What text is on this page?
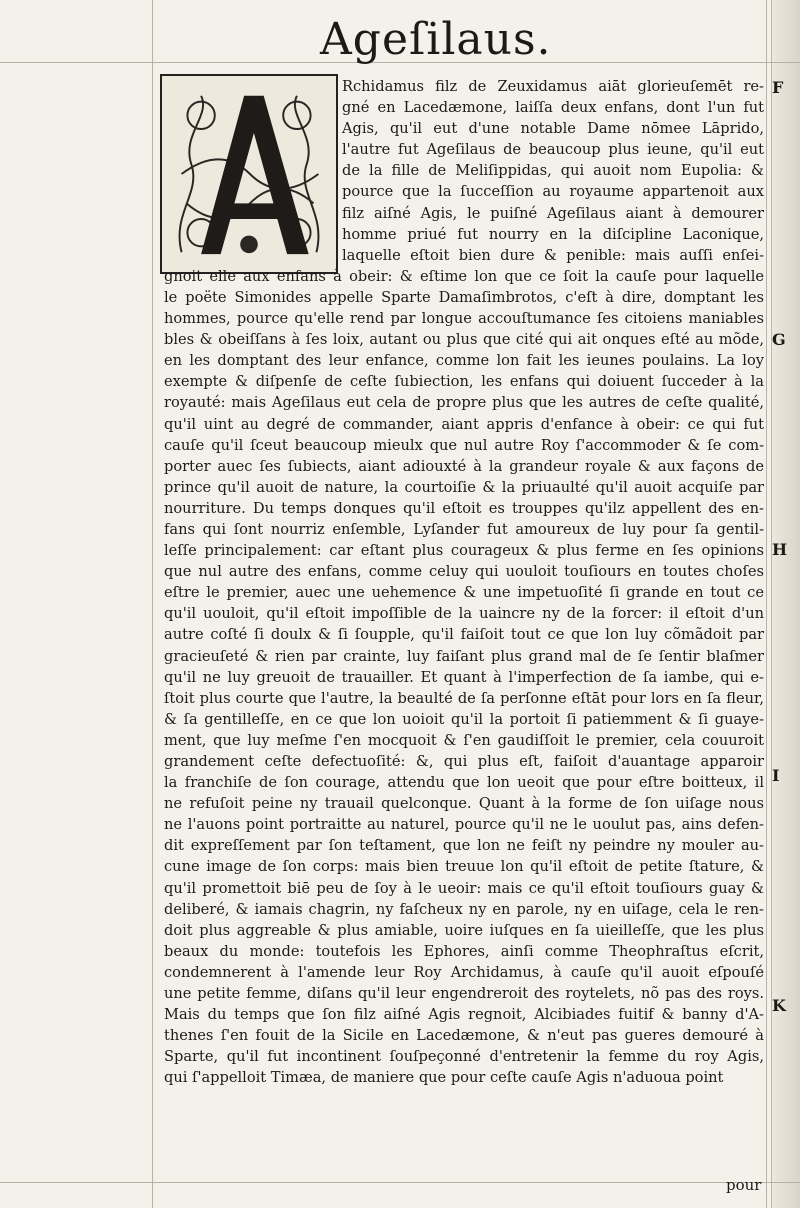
Ageſilaus.
Rchidamus filz de Zeuxidamus aiāt glorieuſemēt re-
gné en Lacedæmone, laiſſa deux enfans, dont l'un fut
Agis, qu'il eut d'une notable Dame nōmee Lāprido,
l'autre fut Ageſilaus de beaucoup plus ieune, qu'il eut
de la fille de Meliſippidas, qui auoit nom Eupolia: &
pource que la ſucceſſion au royaume appartenoit aux
filz aiſné Agis, le puiſné Ageſilaus aiant à demourer
homme priué fut nourry en la diſcipline Laconique,
laquelle eſtoit bien dure & penible: mais auſſi enſei-
gnoit elle aux enfans à obeir: & eſtime lon que ce ſoit la cauſe pour laquelle
le poëte Simonides appelle Sparte Damaſimbrotos, c'eſt à dire, domptant les
hommes, pource qu'elle rend par longue accouſtumance ſes citoiens maniables
bles & obeiſſans à ſes loix, autant ou plus que cité qui ait onques eſté au mõde,
en les domptant des leur enfance, comme lon fait les ieunes poulains. La loy
exempte & diſpenſe de ceſte ſubiection, les enfans qui doiuent ſucceder à la
royauté: mais Ageſilaus eut cela de propre plus que les autres de ceſte qualité,
qu'il uint au degré de commander, aiant appris d'enfance à obeir: ce qui fut
cauſe qu'il ſceut beaucoup mieulx que nul autre Roy ſ'accommoder & ſe com-
porter auec ſes ſubiects, aiant adiouxté à la grandeur royale & aux façons de
prince qu'il auoit de nature, la courtoiſie & la priuaulté qu'il auoit acquiſe par
nourriture. Du temps donques qu'il eſtoit es trouppes qu'ilz appellent des en-
fans qui ſont nourriz enſemble, Lyſander fut amoureux de luy pour ſa gentil-
leſſe principalement: car eſtant plus courageux & plus ferme en ſes opinions
que nul autre des enfans, comme celuy qui uouloit touſiours en toutes choſes
eſtre le premier, auec une uehemence & une impetuoſité ſi grande en tout ce
qu'il uouloit, qu'il eſtoit impoſſible de la uaincre ny de la forcer: il eſtoit d'un
autre coſté ſi doulx & ſi ſoupple, qu'il faiſoit tout ce que lon luy cõmãdoit par
gracieuſeté & rien par crainte, luy faiſant plus grand mal de ſe ſentir blaſmer
qu'il ne luy greuoit de trauailler. Et quant à l'imperfection de ſa iambe, qui e-
ſtoit plus courte que l'autre, la beaulté de ſa perſonne eſtāt pour lors en ſa fleur,
& ſa gentilleſſe, en ce que lon uoioit qu'il la portoit ſi patiemment & ſi guaye-
ment, que luy meſme ſ'en mocquoit & ſ'en gaudiſſoit le premier, cela couuroit
grandement ceſte defectuoſité: &, qui plus eſt, faiſoit d'auantage apparoir
la franchiſe de ſon courage, attendu que lon ueoit que pour eſtre boitteux, il
ne refuſoit peine ny trauail quelconque. Quant à la forme de ſon uiſage nous
ne l'auons point portraitte au naturel, pource qu'il ne le uoulut pas, ains defen-
dit expreſſement par ſon teſtament, que lon ne feiſt ny peindre ny mouler au-
cune image de ſon corps: mais bien treuue lon qu'il eſtoit de petite ſtature, &
qu'il promettoit biē peu de ſoy à le ueoir: mais ce qu'il eſtoit touſiours guay &
deliberé, & iamais chagrin, ny faſcheux ny en parole, ny en uiſage, cela le ren-
doit plus aggreable & plus amiable, uoire iuſques en ſa uieilleſſe, que les plus
beaux du monde: toutefois les Ephores, ainſi comme Theophraſtus eſcrit,
condemnerent à l'amende leur Roy Archidamus, à cauſe qu'il auoit eſpouſé
une petite femme, diſans qu'il leur engendreroit des roytelets, nõ pas des roys.
Mais du temps que ſon filz aiſné Agis regnoit, Alcibiades fuitif & banny d'A-
thenes ſ'en fouit de la Sicile en Lacedæmone, & n'eut pas gueres demouré à
Sparte, qu'il fut incontinent ſouſpeçonné d'entretenir la femme du roy Agis,
qui ſ'appelloit Timæa, de maniere que pour ceſte cauſe Agis n'aduoua point
F
G
H
I
K
pour
